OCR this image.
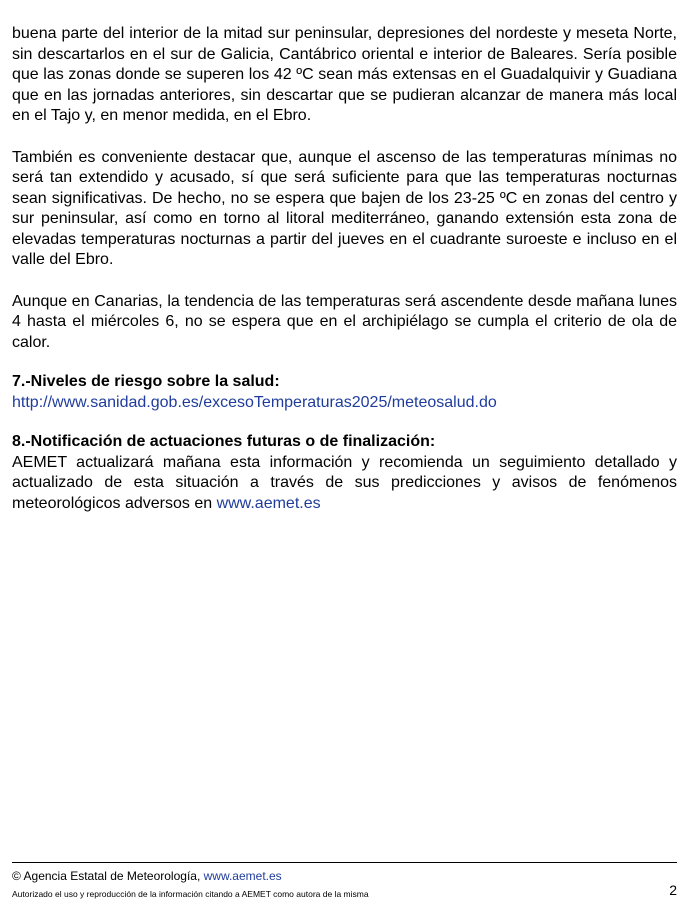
buena parte del interior de la mitad sur peninsular, depresiones del nordeste y meseta Norte, sin descartarlos en el sur de Galicia, Cantábrico oriental e interior de Baleares. Sería posible que las zonas donde se superen los 42 ºC sean más extensas en el Guadalquivir y Guadiana que en las jornadas anteriores, sin descartar que se pudieran alcanzar de manera más local en el Tajo y, en menor medida, en el Ebro.

También es conveniente destacar que, aunque el ascenso de las temperaturas mínimas no será tan extendido y acusado, sí que será suficiente para que las temperaturas nocturnas sean significativas. De hecho, no se espera que bajen de los 23-25 ºC en zonas del centro y sur peninsular, así como en torno al litoral mediterráneo, ganando extensión esta zona de elevadas temperaturas nocturnas a partir del jueves en el cuadrante suroeste e incluso en el valle del Ebro.

Aunque en Canarias, la tendencia de las temperaturas será ascendente desde mañana lunes 4 hasta el miércoles 6, no se espera que en el archipiélago se cumpla el criterio de ola de calor.

7.-Niveles de riesgo sobre la salud:

http://www.sanidad.gob.es/excesoTemperaturas2025/meteosalud.do

8.-Notificación de actuaciones futuras o de finalización:

AEMET actualizará mañana esta información y recomienda un seguimiento detallado y actualizado de esta situación a través de sus predicciones y avisos de fenómenos meteorológicos adversos en www.aemet.es

© Agencia Estatal de Meteorología, www.aemet.es
Autorizado el uso y reproducción de la información citando a AEMET como autora de la misma	2
